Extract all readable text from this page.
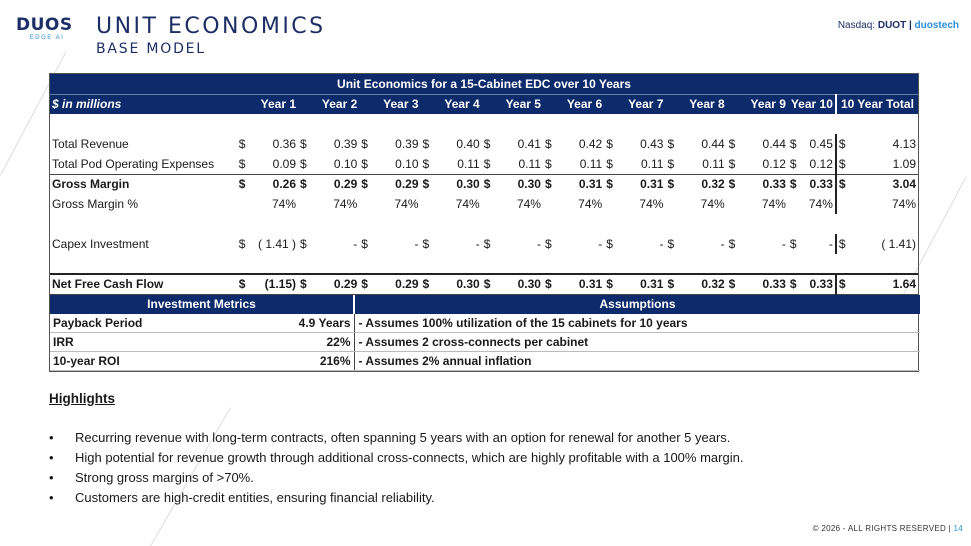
DUOS
EDGE AI	UNIT ECONOMICS
BASE MODEL
Nasdaq: DUOT | duostech
Unit Economics for a 15-Cabinet EDC over 10 Years																						
$ in millions	Year 1		Year 2		Year 3		Year 4		Year 5		Year 6		Year 7		Year 8		Year 9		Year 10		10 Year Total	

Total Revenue	$	0.36	$	0.39	$	0.39	$	0.40	$	0.41	$	0.42	$	0.43	$	0.44	$	0.44	$	0.45	$	4.13
Total Pod Operating Expenses	$	0.09	$	0.10	$	0.10	$	0.11	$	0.11	$	0.11	$	0.11	$	0.11	$	0.12	$	0.12	$	1.09
Gross Margin	$	0.26	$	0.29	$	0.29	$	0.30	$	0.30	$	0.31	$	0.31	$	0.32	$	0.33	$	0.33	$	3.04
Gross Margin %	74%		74%		74%		74%		74%		74%		74%		74%		74%		74%		74%	

Capex Investment	$	( 1.41 )	$	-	$	-	$	-	$	-	$	-	$	-	$	-	$	-	$	-	$	( 1.41)

Net Free Cash Flow	$	(1.15)	$	0.29	$	0.29	$	0.30	$	0.30	$	0.31	$	0.31	$	0.32	$	0.33	$	0.33	$	1.64
Investment Metrics		Assumptions
Payback Period	4.9 Years	- Assumes 100% utilization of the 15 cabinets for 10 years
IRR	22%	- Assumes 2 cross-connects per cabinet
10-year ROI	216%	- Assumes 2% annual inflation
Highlights
•	Recurring revenue with long-term contracts, often spanning 5 years with an option for renewal for another 5 years.
•	High potential for revenue growth through additional cross-connects, which are highly profitable with a 100% margin.
•	Strong gross margins of >70%.
•	Customers are high-credit entities, ensuring financial reliability.
© 2026 - ALL RIGHTS RESERVED | 14
